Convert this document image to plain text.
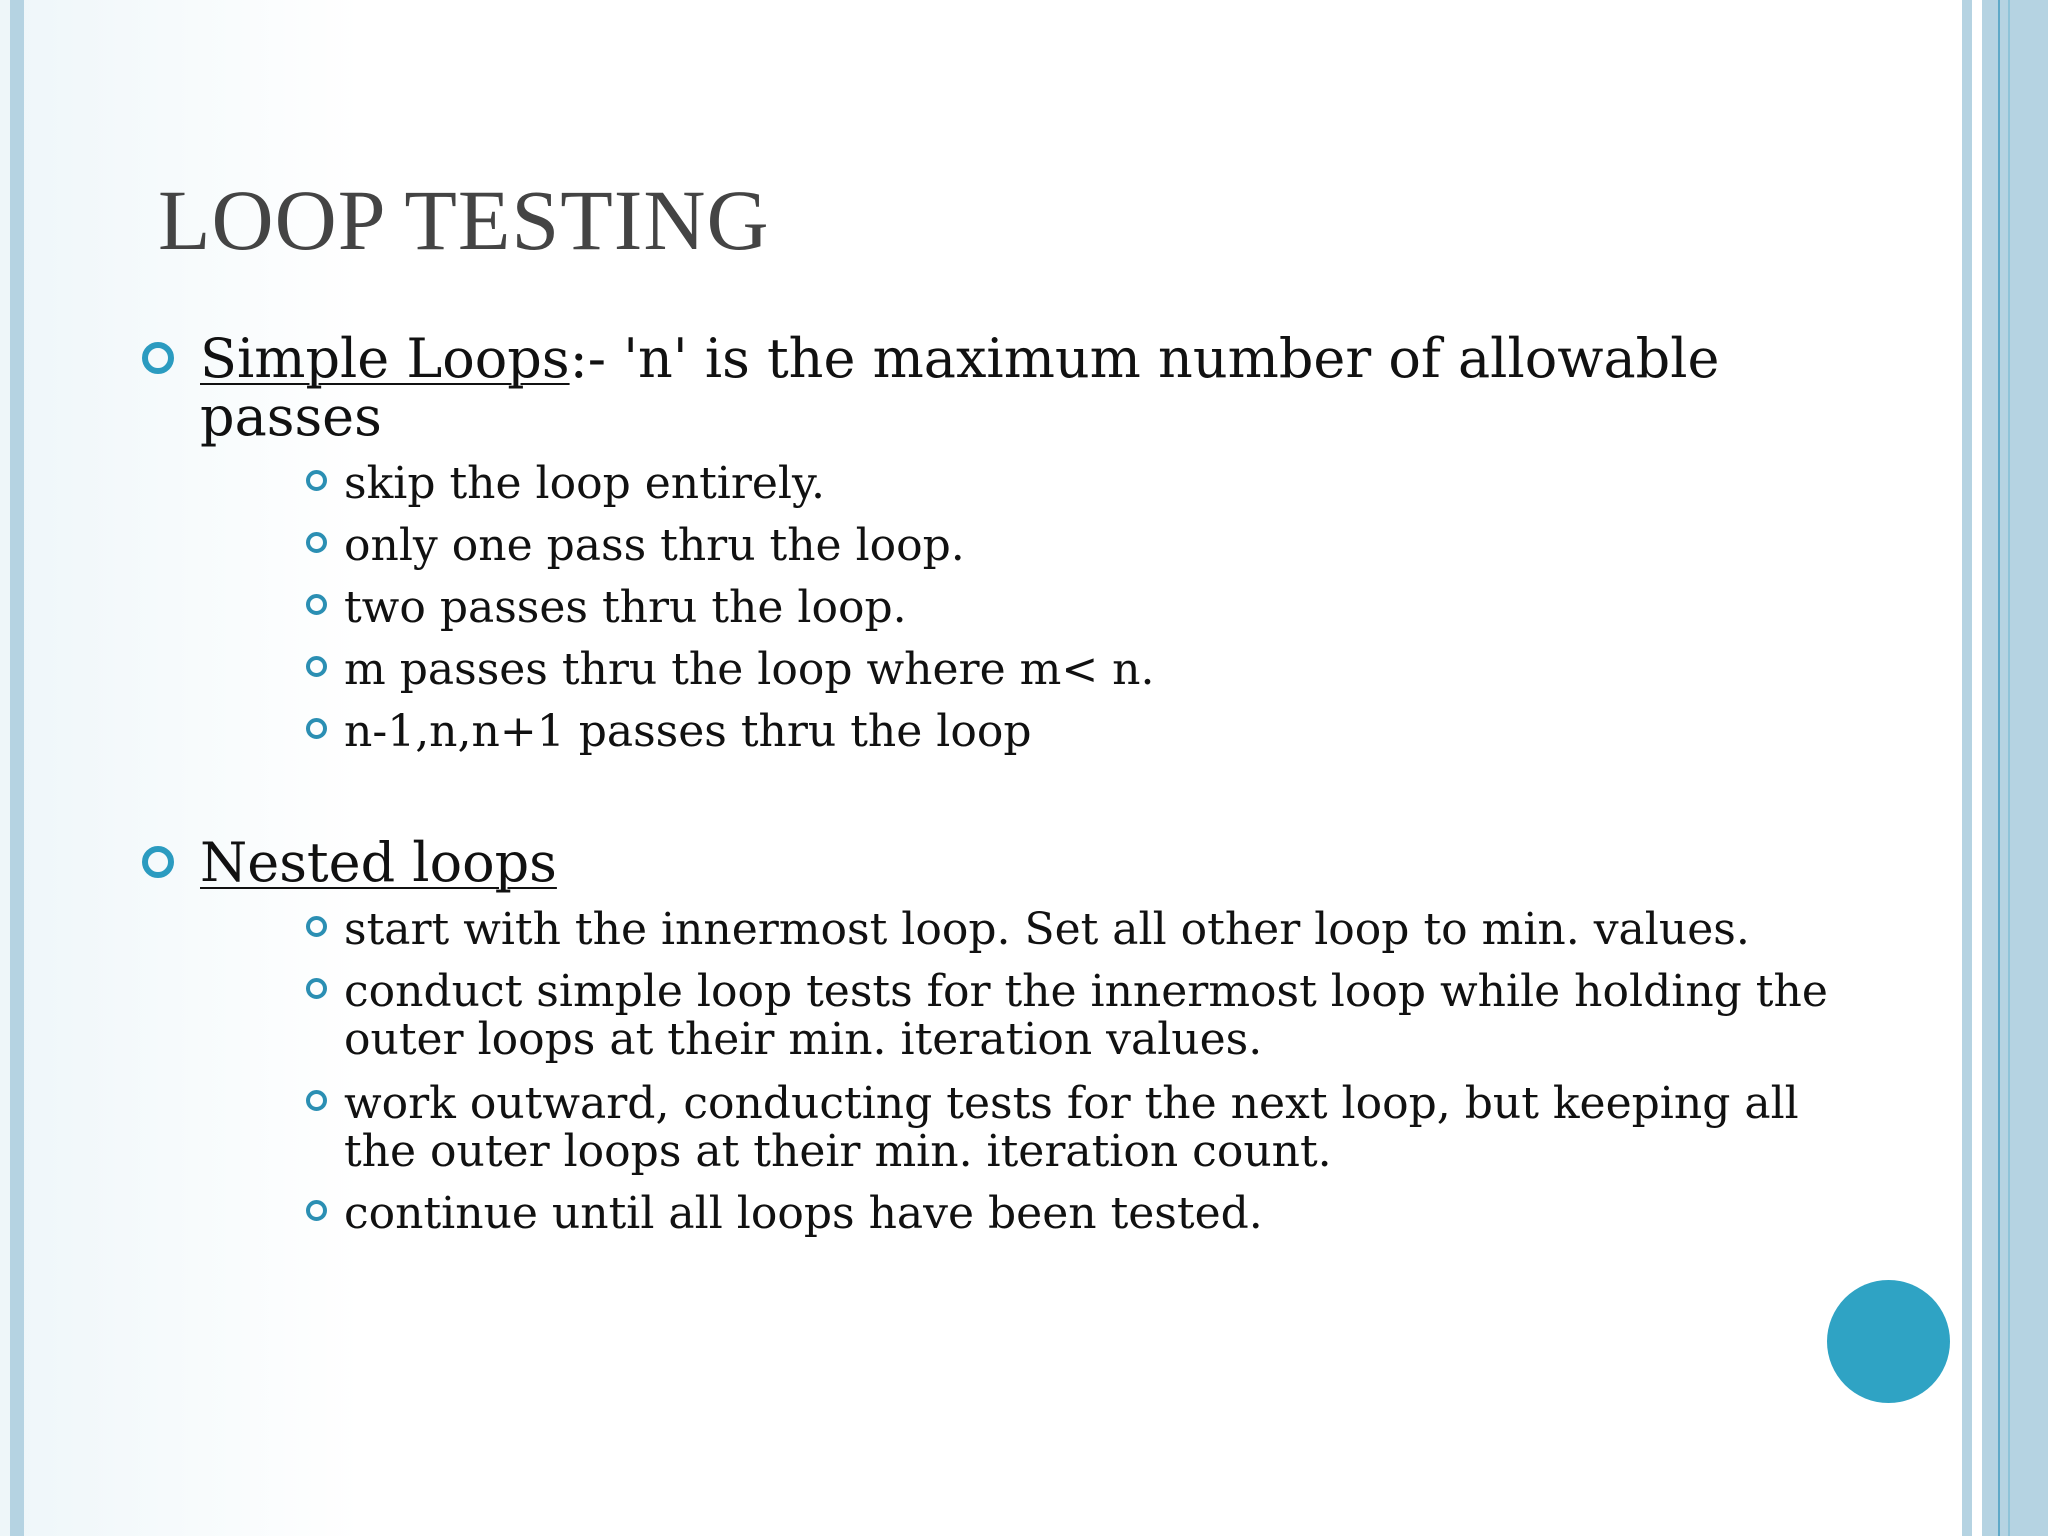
LOOP TESTING
Simple Loops:- 'n' is the maximum number of allowable passes
skip the loop entirely.
only one pass thru the loop.
two passes thru the loop.
m passes thru the loop where m< n.
n-1,n,n+1 passes thru the loop
Nested loops
start with the innermost loop. Set all other loop to min. values.
conduct simple loop tests for the innermost loop while holding the
outer loops at their min. iteration values.
work outward, conducting tests for the next loop, but keeping all
the outer loops at their min. iteration count.
continue until all loops have been tested.
